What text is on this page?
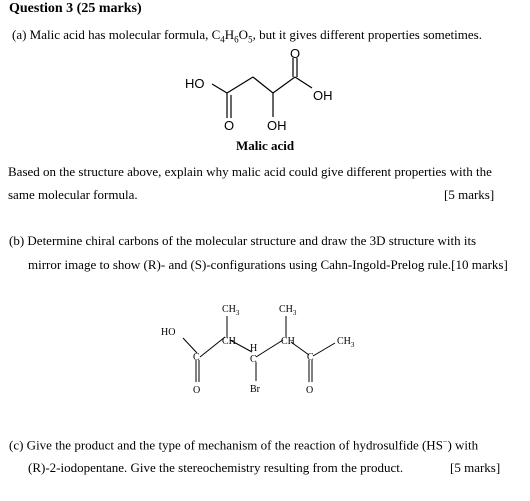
Question 3 (25 marks)
(a) Malic acid has molecular formula, $C_4H_6O_5$, but it gives different properties sometimes.
HO
O
OH
O	OH
Malic acid
Based on the structure above, explain why malic acid could give different properties with the
same molecular formula.	[5 marks]
(b) Determine chiral carbons of the molecular structure and draw the 3D structure with its
mirror image to show (R)- and (S)-configurations using Cahn-Ingold-Prelog rule.[10 marks]
$CH_3$	$CH_3$
$CH_3$
HO
C
CH
H
C
CH
C
O	O
Br
(c) Give the product and the type of mechanism of the reaction of hydrosulfide (HS−) with
(R)-2-iodopentane. Give the stereochemistry resulting from the product.	[5 marks]
